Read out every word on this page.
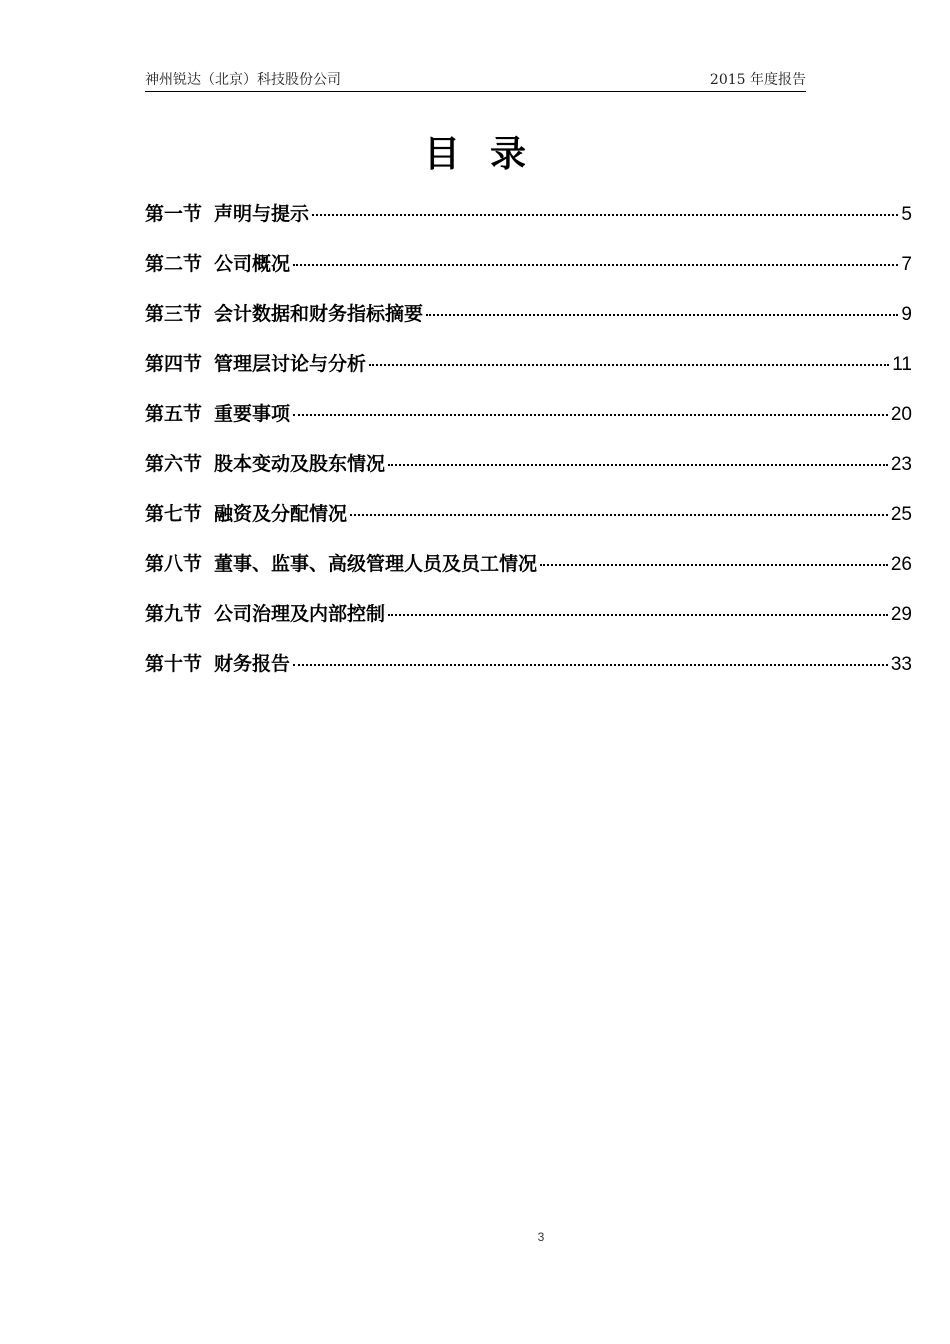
神州锐达（北京）科技股份公司	2015 年度报告
目录
第一节 声明与提示	5
第二节 公司概况	7
第三节 会计数据和财务指标摘要	9
第四节 管理层讨论与分析	11
第五节 重要事项	20
第六节 股本变动及股东情况	23
第七节 融资及分配情况	25
第八节 董事、监事、高级管理人员及员工情况	26
第九节 公司治理及内部控制	29
第十节 财务报告	33
3
